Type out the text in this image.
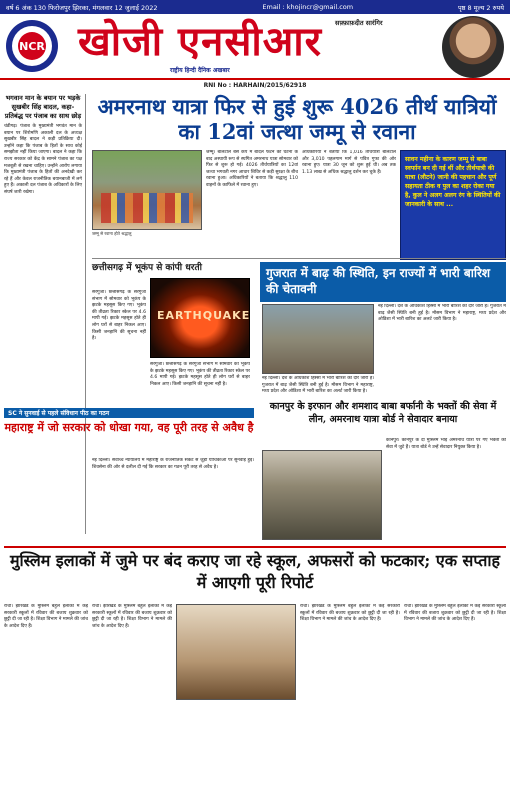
वर्ष 6 अंक 130 फिरोजपुर झिरका, मंगलवार 12 जुलाई 2022	Email : khojincr@gmail.com	पृष्ठ 8 मूल्य 2 रुपये
NCR खोजी एनसीआर	सफ़्फ़ाफ़दीत सारंगिर
राष्ट्रीय हिन्दी दैनिक अखबार
RNI No : HARHAIN/2015/62918
भगवान मान के बयान पर भड़के सुखबीर सिंह बादल, कहा- प्रतिबंद्ध पर पंजाब का साथ छोड़

चंडीगढ़। पंजाब के मुख्यमंत्री भगवंत मान के बयान पर शिरोमणि अकाली दल के अध्यक्ष सुखबीर सिंह बादल ने कड़ी प्रतिक्रिया दी। उन्होंने कहा कि पंजाब के हितों के साथ कोई समझौता नहीं किया जाएगा। बादल ने कहा कि राज्य सरकार को केंद्र के सामने पंजाब का पक्ष मजबूती से रखना चाहिए। उन्होंने आरोप लगाया कि मुख्यमंत्री पंजाब के हितों की अनदेखी कर रहे हैं और केवल राजनीतिक बयानबाजी में लगे हुए हैं। अकाली दल पंजाब के अधिकारों के लिए संघर्ष जारी रखेगा।

अमरनाथ यात्रा फिर से हुई शुरू 4026 तीर्थ यात्रियों का 12वां जत्था जम्मू से रवाना
जम्मू से रवाना होते श्रद्धालु
जम्मू। बालटाल बेस कैंप में बादल फटने की घटना के बाद अस्थायी रूप से स्थगित अमरनाथ यात्रा सोमवार को फिर से शुरू हो गई। 4026 तीर्थयात्रियों का 12वां जत्था भगवती नगर आधार शिविर से कड़ी सुरक्षा के बीच रवाना हुआ। अधिकारियों ने बताया कि श्रद्धालु 110 वाहनों के काफिले में रवाना हुए।
अधिकारियों ने बताया कि 1,016 तीर्थयात्री बालटाल और 3,010 पहलगाम मार्ग से पवित्र गुफा की ओर रवाना हुए। यात्रा 30 जून को शुरू हुई थी। अब तक 1.13 लाख से अधिक श्रद्धालु दर्शन कर चुके हैं।
सावन महीना के कारण जम्मू से बाबा स्वर्फान बन दी गई थीं और तीर्थयात्री की यात्रा (लौटने) जानी की पहचान और पूर्ण सहायता ठीक व पुल का शहर रोका गया है, कुल ने अलग अलग रंग के स्थितियों की जानकारी के साथ ...
छत्तीसगढ़ में भूकंप से कांपी धरती
सरगुजा। छत्तीसगढ़ के सरगुजा संभाग में सोमवार को भूकंप के झटके महसूस किए गए। भूकंप की तीव्रता रिक्टर स्केल पर 4.6 मापी गई। झटके महसूस होते ही लोग घरों से बाहर निकल आए। किसी जनहानि की सूचना नहीं है।
EARTHQUAKE
सरगुजा। छत्तीसगढ़ के सरगुजा संभाग में सोमवार को भूकंप के झटके महसूस किए गए। भूकंप की तीव्रता रिक्टर स्केल पर 4.6 मापी गई। झटके महसूस होते ही लोग घरों से बाहर निकल आए। किसी जनहानि की सूचना नहीं है।
गुजरात में बाढ़ की स्थिति, इन राज्यों में भारी बारिश की चेतावनी
नई दिल्ली। देश के अधिकांश हिस्सों में भारी बारिश का दौर जारी है। गुजरात में बाढ़ जैसी स्थिति बनी हुई है। मौसम विभाग ने महाराष्ट्र, मध्य प्रदेश और ओडिशा में भारी बारिश का अलर्ट जारी किया है।
नई दिल्ली। देश के अधिकांश हिस्सों में भारी बारिश का दौर जारी है। गुजरात में बाढ़ जैसी स्थिति बनी हुई है। मौसम विभाग ने महाराष्ट्र, मध्य प्रदेश और ओडिशा में भारी बारिश का अलर्ट जारी किया है।
SC ने सुनवाई से पहले संविधान पीठ का गठन
महाराष्ट्र में जो सरकार को धोखा गया, वह पूरी तरह से अवैध है
नई दिल्ली। सर्वोच्च न्यायालय में महाराष्ट्र के राजनीतिक संकट से जुड़ी याचिकाओं पर सुनवाई हुई। शिवसेना की ओर से दलील दी गई कि सरकार का गठन पूरी तरह से अवैध है।
कानपुर के इरफान और शमशाद बाबा बर्फानी के भक्तों की सेवा में लीन, अमरनाथ यात्रा बोर्ड ने सेवादार बनाया
कानपुर। कानपुर के दो मुस्लिम भाई अमरनाथ यात्रा पर गए भक्तों की सेवा में जुटे हैं। यात्रा बोर्ड ने उन्हें सेवादार नियुक्त किया है।
मुस्लिम इलाकों में जुमे पर बंद कराए जा रहे स्कूल, अफसरों को फटकार; एक सप्ताह में आएगी पूरी रिपोर्ट
रांची। झारखंड के मुस्लिम बहुल इलाकों में कई सरकारी स्कूलों में रविवार की बजाय शुक्रवार को छुट्टी दी जा रही है। शिक्षा विभाग ने मामले की जांच के आदेश दिए हैं।
रांची। झारखंड के मुस्लिम बहुल इलाकों में कई सरकारी स्कूलों में रविवार की बजाय शुक्रवार को छुट्टी दी जा रही है। शिक्षा विभाग ने मामले की जांच के आदेश दिए हैं।
रांची। झारखंड के मुस्लिम बहुल इलाकों में कई सरकारी स्कूलों में रविवार की बजाय शुक्रवार को छुट्टी दी जा रही है। शिक्षा विभाग ने मामले की जांच के आदेश दिए हैं।
रांची। झारखंड के मुस्लिम बहुल इलाकों में कई सरकारी स्कूलों में रविवार की बजाय शुक्रवार को छुट्टी दी जा रही है। शिक्षा विभाग ने मामले की जांच के आदेश दिए हैं।
